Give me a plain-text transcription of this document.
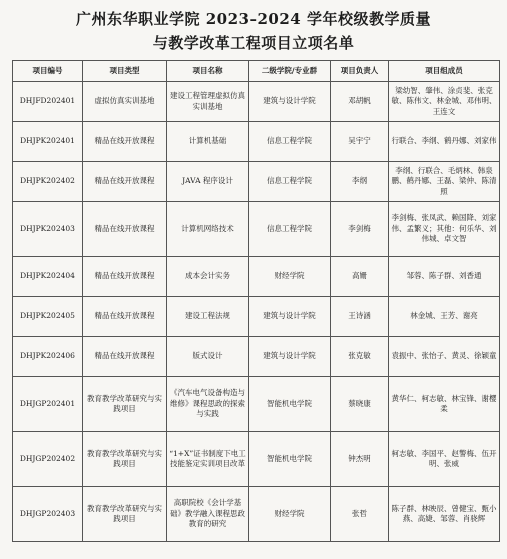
广州东华职业学院 2023–2024 学年校级教学质量
与教学改革工程项目立项名单
项目编号	项目类型	项目名称	二级学院/专业群	项目负责人	项目组成员
DHJFD202401	虚拟仿真实训基地	建设工程管理虚拟仿真实训基地	建筑与设计学院	邓胡帆	梁幼智、肇伟、涂贞斐、张克敏、陈伟文、林金城、邓伟明、王连文
DHJPK202401	精品在线开放课程	计算机基础	信息工程学院	吴宇宁	行联合、李纲、鹤丹娜、刘家伟
DHJPK202402	精品在线开放课程	JAVA 程序设计	信息工程学院	李纲	李纲、行联合、毛炳林、韩泉鹏、鹤丹娜、王磊、梁仲、陈清照
DHJPK202403	精品在线开放课程	计算机网络技术	信息工程学院	李剑梅	李剑梅、张凤武、赖国降、刘家伟、孟繁义；其他：何乐华、刘伟城、卓文智
DHJPK202404	精品在线开放课程	成本会计实务	财经学院	高姗	邹蓉、陈子群、刘香通
DHJPK202405	精品在线开放课程	建设工程法规	建筑与设计学院	王诗涵	林金城、王芳、谢亮
DHJPK202406	精品在线开放课程	版式设计	建筑与设计学院	张克敏	袁振中、张怡子、黄灵、徐颖童
DHJGP202401	教育教学改革研究与实践项目	《汽车电气设备构造与维修》课程思政的探索与实践	智能机电学院	蔡晓康	黄华仁、柯志敏、林宝锋、谢樱柔
DHJGP202402	教育教学改革研究与实践项目	“1+X”证书制度下电工技能鉴定实训项目改革	智能机电学院	钟杰明	柯志敏、李国平、赵警梅、伍开明、张威
DHJGP202403	教育教学改革研究与实践项目	高职院校《会计学基础》教学融入课程思政教育的研究	财经学院	张哲	陈子群、林映辰、曾健宝、甄小燕、高婕、邹蓉、肖骁辉
